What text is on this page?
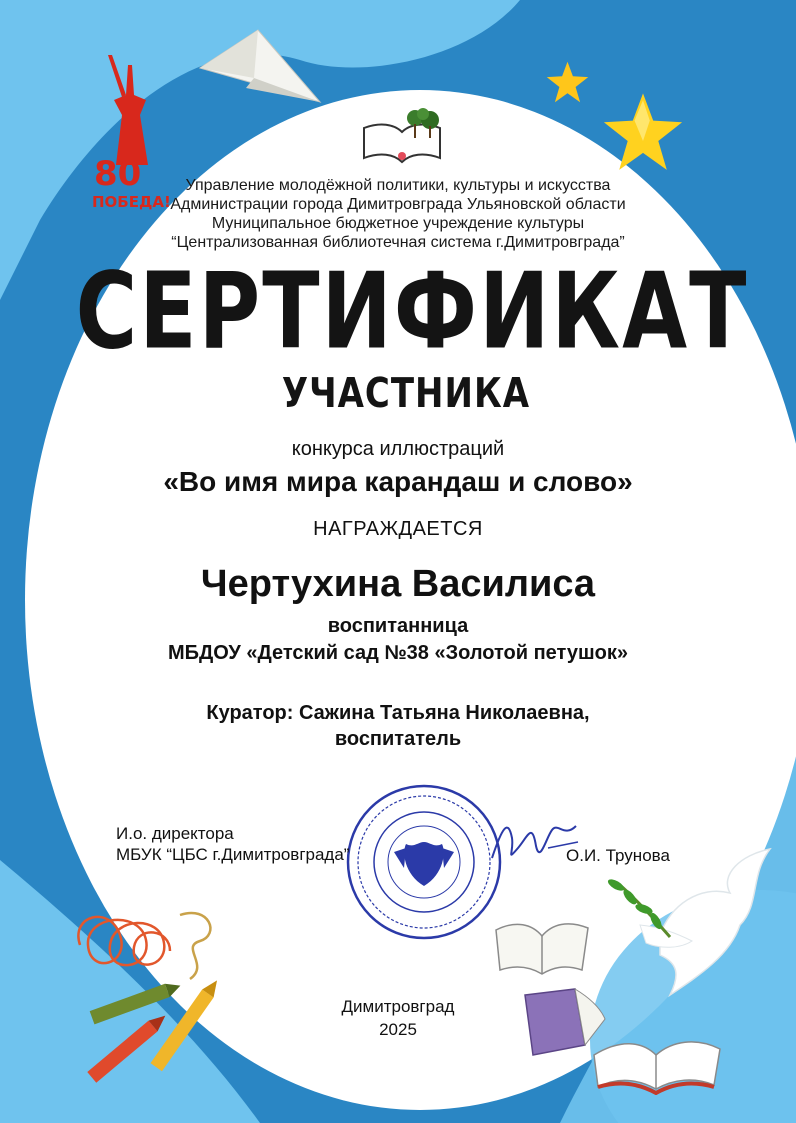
80
ПОБЕДА!
Управление молодёжной политики, культуры и искусства
Администрации города Димитровграда Ульяновской области
Муниципальное бюджетное учреждение культуры
“Централизованная библиотечная система г.Димитровграда”
СЕРТИФИКАТ
УЧАСТНИКА
конкурса иллюстраций
«Во имя мира карандаш и слово»
НАГРАЖДАЕТСЯ
Чертухина Василиса
воспитанница
МБДОУ «Детский сад №38 «Золотой петушок»
Куратор: Сажина Татьяна Николаевна,
воспитатель
И.о. директора
МБУК “ЦБС г.Димитровграда”	О.И. Трунова
Димитровград
2025
